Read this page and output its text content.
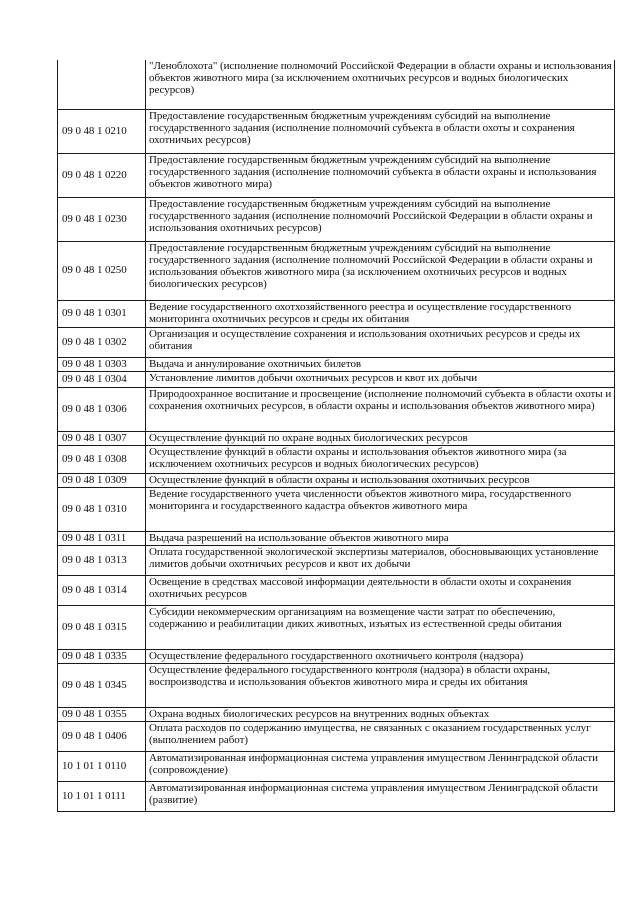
	"Леноблохота" (исполнение полномочий Российской Федерации в области охраны и использования объектов животного мира (за исключением охотничьих ресурсов и водных биологических ресурсов)
09 0 48 1 0210	Предоставление государственным бюджетным учреждениям субсидий на выполнение государственного задания (исполнение полномочий субъекта в области охоты и сохранения охотничьих ресурсов)
09 0 48 1 0220	Предоставление государственным бюджетным учреждениям субсидий на выполнение государственного задания (исполнение полномочий субъекта в области охраны и использования объектов животного мира)
09 0 48 1 0230	Предоставление государственным бюджетным учреждениям субсидий на выполнение государственного задания (исполнение полномочий Российской Федерации в области охраны и использования охотничьих ресурсов)
09 0 48 1 0250	Предоставление государственным бюджетным учреждениям субсидий на выполнение государственного задания (исполнение полномочий Российской Федерации в области охраны и использования объектов животного мира (за исключением охотничьих ресурсов и водных биологических ресурсов)
09 0 48 1 0301	Ведение государственного охотхозяйственного реестра и осуществление государственного мониторинга охотничьих ресурсов и среды их обитания
09 0 48 1 0302	Организация и осуществление сохранения и использования охотничьих ресурсов и среды их обитания
09 0 48 1 0303	Выдача и аннулирование охотничьих билетов
09 0 48 1 0304	Установление лимитов добычи охотничьих ресурсов и квот их добычи
09 0 48 1 0306	Природоохранное воспитание и просвещение (исполнение полномочий субъекта в области охоты и сохранения охотничьих ресурсов, в области охраны и использования объектов животного мира)
09 0 48 1 0307	Осуществление функций по охране водных биологических ресурсов
09 0 48 1 0308	Осуществление функций в области охраны и использования объектов животного мира (за исключением охотничьих ресурсов и водных биологических ресурсов)
09 0 48 1 0309	Осуществление функций в области охраны и использования охотничьих ресурсов
09 0 48 1 0310	Ведение государственного учета численности объектов животного мира, государственного мониторинга и государственного кадастра объектов животного мира
09 0 48 1 0311	Выдача разрешений на использование объектов животного мира
09 0 48 1 0313	Оплата государственной экологической экспертизы материалов, обосновывающих установление лимитов добычи охотничьих ресурсов и квот их добычи
09 0 48 1 0314	Освещение в средствах массовой информации деятельности в области охоты и сохранения охотничьих ресурсов
09 0 48 1 0315	Субсидии некоммерческим организациям на возмещение части затрат по обеспечению, содержанию и реабилитации диких животных, изъятых из естественной среды обитания
09 0 48 1 0335	Осуществление федерального государственного охотничьего контроля (надзора)
09 0 48 1 0345	Осуществление федерального государственного контроля (надзора) в области охраны, воспроизводства и использования объектов животного мира и среды их обитания
09 0 48 1 0355	Охрана водных биологических ресурсов на внутренних водных объектах
09 0 48 1 0406	Оплата расходов по содержанию имущества, не связанных с оказанием государственных услуг (выполнением работ)
10 1 01 1 0110	Автоматизированная информационная система управления имуществом Ленинградской области (сопровождение)
10 1 01 1 0111	Автоматизированная информационная система управления имуществом Ленинградской области (развитие)
